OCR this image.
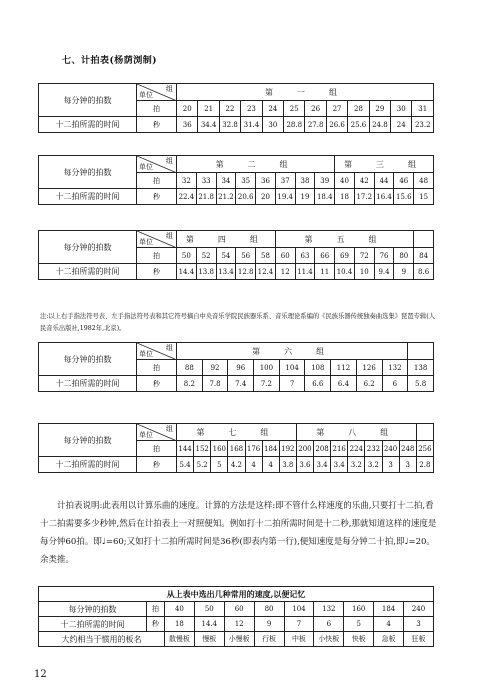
七、计拍表(杨荫浏制)
每分钟的拍数	组
单位	第　一　组											
	拍	20	21	22	23	24	25	26	27	28	29	30	31
十二拍所需的时间	秒	36	34.4	32.8	31.4	30	28.8	27.8	26.6	25.6	24.8	24	23.2
每分钟的拍数	组
单位	第　二　组								第　三　组				
	拍	32	33	34	35	36	37	38	39	40	42	44	46	48
十二拍所需的时间	秒	22.4	21.8	21.2	20.6	20	19.4	19	18.4	18	17.2	16.4	15.6	15
每分钟的拍数	组
单位	第　四　组					第　五　组							
	拍	50	52	54	56	58	60	63	66	69	72	76	80	84
十二拍所需的时间	秒	14.4	13.8	13.4	12.8	12.4	12	11.4	11	10.4	10	9.4	9	8.6
每分钟的拍数	组
单位	第　六　组									
	拍	88	92	96	100	104	108	112	126	132	138
十二拍所需的时间	秒	8.2	7.8	7.4	7.2	7	6.6	6.4	6.2	6	5.8
每分钟的拍数	组
单位	第　七　组							第　八　组							
	拍	144	152	160	168	176	184	192	200	208	216	224	232	240	248	256
十二拍所需的时间	秒	5.4	5.2	5	4.2	4	4	3.8	3.6	3.4	3.4	3.2	3.2	3	3	2.8
注:以上右手指法符号表、左手指法符号表和其它符号摘自中央音乐学院民族器乐系、音乐理论系编的《民族乐器传统独奏曲选集》琵琶专辑(人民音乐出版社,1982年,北京)。

计拍表说明:此表用以计算乐曲的速度。计算的方法是这样:即不管什么样速度的乐曲,只要打十二拍,看十二拍需要多少秒钟,然后在计拍表上一对照便知。例如打十二拍所需时间是十二秒,那就知道这样的速度是每分钟60拍。即♩=60;又如打十二拍所需时间是36秒(即表内第一行),便知速度是每分钟二十拍,即♩=20。余类推。

从上表中选出几种常用的速度,以便记忆										
每分钟的拍数	拍	40	50	60	80	104	132	160	184	240
十二拍所需的时间	秒	18	14.4	12	9	7	6	5	4	3
大约相当于惯用的板名		散慢板	慢板	小慢板	行板	中板	小快板	快板	急板	狂板
12
